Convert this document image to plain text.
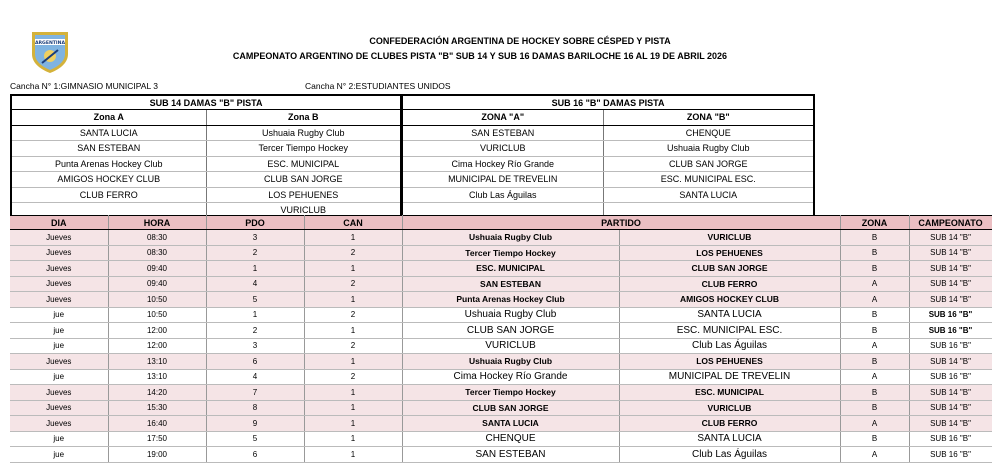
ARGENTINA	CONFEDERACIÓN ARGENTINA DE HOCKEY SOBRE CÉSPED Y PISTA
CAMPEONATO ARGENTINO DE CLUBES PISTA "B" SUB 14 Y SUB 16 DAMAS BARILOCHE 16 AL 19 DE ABRIL 2026
Cancha N° 1:GIMNASIO MUNICIPAL 3	Cancha N° 2:ESTUDIANTES UNIDOS
SUB 14 DAMAS "B" PISTA	
Zona A	Zona B
SANTA LUCIA	Ushuaia Rugby Club
SAN ESTEBAN	Tercer Tiempo Hockey
Punta Arenas Hockey Club	ESC. MUNICIPAL
AMIGOS HOCKEY CLUB	CLUB SAN JORGE
CLUB FERRO	LOS PEHUENES
	VURICLUB
SUB 16 "B" DAMAS PISTA	
ZONA "A"	ZONA "B"
SAN ESTEBAN	CHENQUE
VURICLUB	Ushuaia Rugby Club
Cima Hockey Río Grande	CLUB SAN JORGE
MUNICIPAL DE TREVELIN	ESC. MUNICIPAL ESC.
Club Las Águilas	SANTA LUCIA

DIA	HORA	PDO	CAN	PARTIDO		ZONA	CAMPEONATO
Jueves	08:30	3	1	Ushuaia Rugby Club	VURICLUB	B	SUB 14 "B"
Jueves	08:30	2	2	Tercer Tiempo Hockey	LOS PEHUENES	B	SUB 14 "B"
Jueves	09:40	1	1	ESC. MUNICIPAL	CLUB SAN JORGE	B	SUB 14 "B"
Jueves	09:40	4	2	SAN ESTEBAN	CLUB FERRO	A	SUB 14 "B"
Jueves	10:50	5	1	Punta Arenas Hockey Club	AMIGOS HOCKEY CLUB	A	SUB 14 "B"
jue	10:50	1	2	Ushuaia Rugby Club	SANTA LUCIA	B	SUB 16 "B"
jue	12:00	2	1	CLUB SAN JORGE	ESC. MUNICIPAL ESC.	B	SUB 16 "B"
jue	12:00	3	2	VURICLUB	Club Las Águilas	A	SUB 16 "B"
Jueves	13:10	6	1	Ushuaia Rugby Club	LOS PEHUENES	B	SUB 14 "B"
jue	13:10	4	2	Cima Hockey Río Grande	MUNICIPAL DE TREVELIN	A	SUB 16 "B"
Jueves	14:20	7	1	Tercer Tiempo Hockey	ESC. MUNICIPAL	B	SUB 14 "B"
Jueves	15:30	8	1	CLUB SAN JORGE	VURICLUB	B	SUB 14 "B"
Jueves	16:40	9	1	SANTA LUCIA	CLUB FERRO	A	SUB 14 "B"
jue	17:50	5	1	CHENQUE	SANTA LUCIA	B	SUB 16 "B"
jue	19:00	6	1	SAN ESTEBAN	Club Las Águilas	A	SUB 16 "B"
